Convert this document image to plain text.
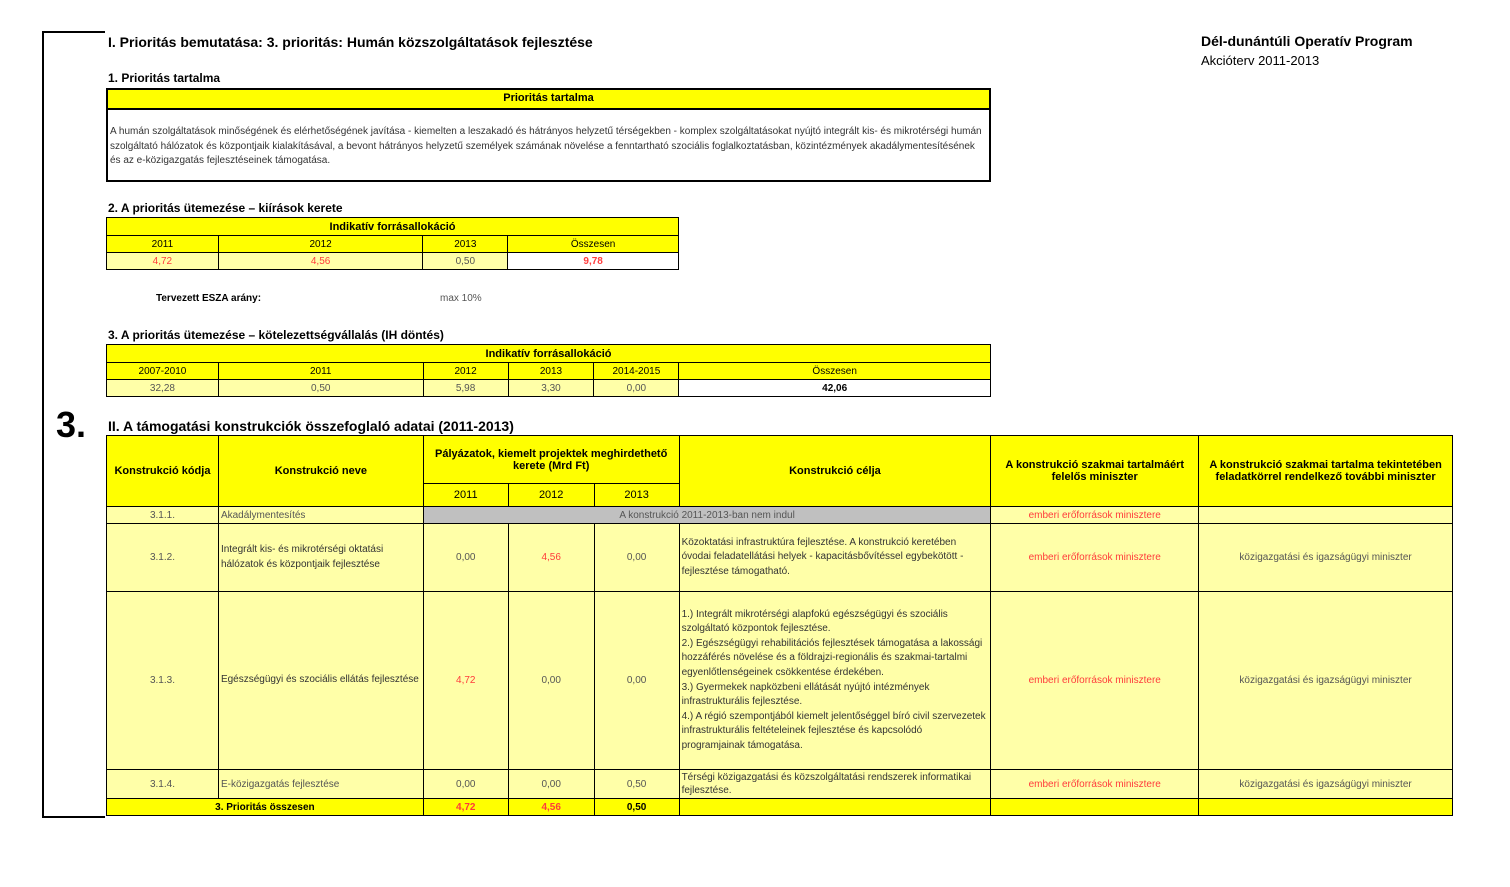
3.
I. Prioritás bemutatása: 3. prioritás: Humán közszolgáltatások fejlesztése	Dél-dunántúli Operatív Program
Akcióterv 2011-2013
1. Prioritás tartalma
Prioritás tartalma
A humán szolgáltatások minőségének és elérhetőségének javítása - kiemelten a leszakadó és hátrányos helyzetű térségekben - komplex szolgáltatásokat nyújtó integrált kis- és mikrotérségi humán szolgáltató hálózatok és központjaik kialakításával, a bevont hátrányos helyzetű személyek számának növelése a fenntartható szociális foglalkoztatásban, közintézmények akadálymentesítésének és az e-közigazgatás fejlesztéseinek támogatása.
2. A prioritás ütemezése – kiírások kerete
Indikatív forrásallokáció			
2011	2012	2013	Összesen
4,72	4,56	0,50	9,78
Tervezett ESZA arány:	max 10%
3. A prioritás ütemezése – kötelezettségvállalás (IH döntés)
Indikatív forrásallokáció					
2007-2010	2011	2012	2013	2014-2015	Összesen
32,28	0,50	5,98	3,30	0,00	42,06
II. A támogatási konstrukciók összefoglaló adatai (2011-2013)
Konstrukció kódja	Konstrukció neve	Pályázatok, kiemelt projektek meghirdethető kerete (Mrd Ft)			Konstrukció célja	A konstrukció szakmai tartalmáért felelős miniszter	A konstrukció szakmai tartalma tekintetében feladatkörrel rendelkező további miniszter
		2011	2012	2013			
3.1.1.	Akadálymentesítés	A konstrukció 2011-2013-ban nem indul				emberi erőforrások minisztere	
3.1.2.	Integrált kis- és mikrotérségi oktatási hálózatok és központjaik fejlesztése	0,00	4,56	0,00	Közoktatási infrastruktúra fejlesztése. A konstrukció keretében óvodai feladatellátási helyek - kapacitásbővítéssel egybekötött - fejlesztése támogatható.	emberi erőforrások minisztere	közigazgatási és igazságügyi miniszter
3.1.3.	Egészségügyi és szociális ellátás fejlesztése	4,72	0,00	0,00	1.) Integrált mikrotérségi alapfokú egészségügyi és szociális szolgáltató központok fejlesztése.
2.) Egészségügyi rehabilitációs fejlesztések támogatása a lakossági hozzáférés növelése és a földrajzi-regionális és szakmai-tartalmi egyenlőtlenségeinek csökkentése érdekében.
3.) Gyermekek napközbeni ellátását nyújtó intézmények infrastrukturális fejlesztése.
4.) A régió szempontjából kiemelt jelentőséggel bíró civil szervezetek infrastrukturális feltételeinek fejlesztése és kapcsolódó programjainak támogatása.	emberi erőforrások minisztere	közigazgatási és igazságügyi miniszter
3.1.4.	E-közigazgatás fejlesztése	0,00	0,00	0,50	Térségi közigazgatási és közszolgáltatási rendszerek informatikai fejlesztése.	emberi erőforrások minisztere	közigazgatási és igazságügyi miniszter
3. Prioritás összesen		4,72	4,56	0,50			
